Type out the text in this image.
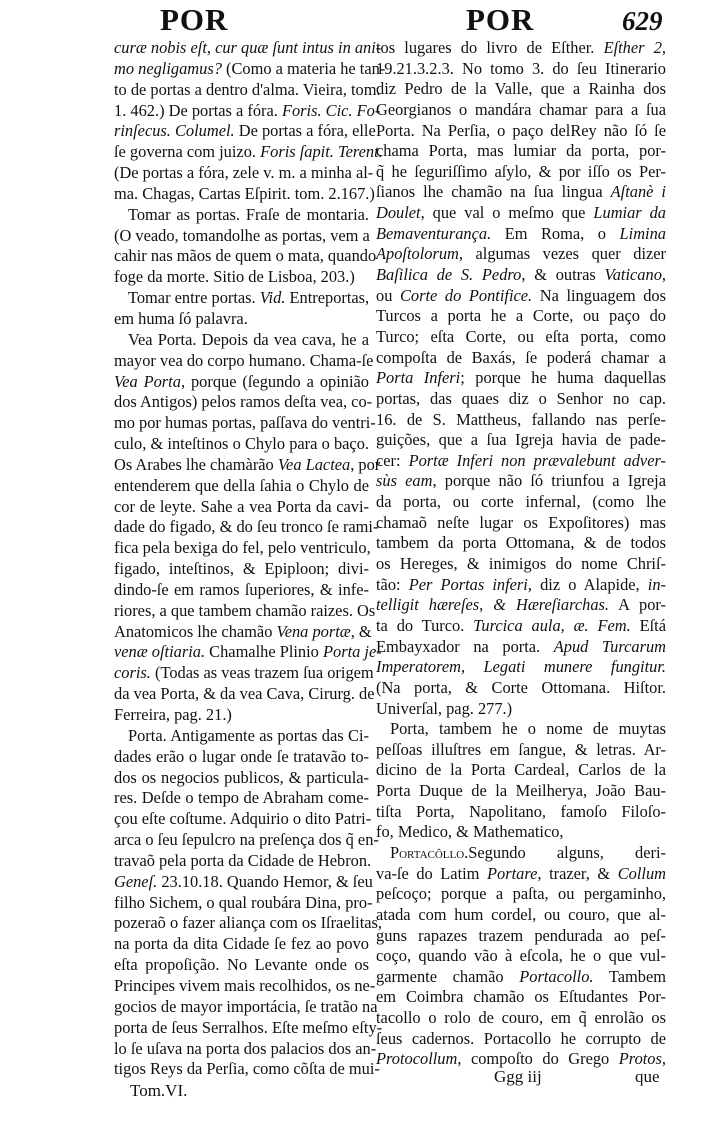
POR	POR	629
curæ nobis eſt, cur quæ ſunt intus in ani-
mo negligamus? (Como a materia he tan-
to de portas a dentro d'alma. Vieira, tom.
1. 462.) De portas a fóra. Foris. Cic. Fo-
rinſecus. Columel. De portas a fóra, elle
ſe governa com juizo. Foris ſapit. Terent.
(De portas a fóra, zele v. m. a minha al-
ma. Chagas, Cartas Eſpirit. tom. 2.167.)
Tomar as portas. Fraſe de montaria.
(O veado, tomandolhe as portas, vem a
cahir nas mãos de quem o mata, quando
foge da morte. Sitio de Lisboa, 203.)
Tomar entre portas. Vid. Entreportas,
em huma ſó palavra.
Vea Porta. Depois da vea cava, he a
mayor vea do corpo humano. Chama-ſe
Vea Porta, porque (ſegundo a opinião
dos Antigos) pelos ramos deſta vea, co-
mo por humas portas, paſſava do ventri-
culo, & inteſtinos o Chylo para o baço.
Os Arabes lhe chamàrão Vea Lactea, por
entenderem que della ſahia o Chylo de
cor de leyte. Sahe a vea Porta da cavi-
dade do figado, & do ſeu tronco ſe rami-
fica pela bexiga do fel, pelo ventriculo,
figado, inteſtinos, & Epiploon; divi-
dindo-ſe em ramos ſuperiores, & infe-
riores, a que tambem chamão raizes. Os
Anatomicos lhe chamão Vena portæ, &
venæ oſtiaria. Chamalhe Plinio Porta je-
coris. (Todas as veas trazem ſua origem
da vea Porta, & da vea Cava, Cirurg. de
Ferreira, pag. 21.)
Porta. Antigamente as portas das Ci-
dades erão o lugar onde ſe tratavão to-
dos os negocios publicos, & particula-
res. Deſde o tempo de Abraham come-
çou eſte coſtume. Adquirio o dito Patri-
arca o ſeu ſepulcro na preſença dos q̃ en-
travaõ pela porta da Cidade de Hebron.
Geneſ. 23.10.18. Quando Hemor, & ſeu
filho Sichem, o qual roubára Dina, pro-
pozeraõ o fazer aliança com os Iſraelitas,
na porta da dita Cidade ſe fez ao povo
eſta propoſição. No Levante onde os
Principes vivem mais recolhidos, os ne-
gocios de mayor importácia, ſe tratão na
porta de ſeus Serralhos. Eſte meſmo eſty-
lo ſe uſava na porta dos palacios dos an-
tigos Reys da Perſia, como cõſta de mui-
tos lugares do livro de Eſther. Eſther 2,
19.21.3.2.3. No tomo 3. do ſeu Itinerario
diz Pedro de la Valle, que a Rainha dos
Georgianos o mandára chamar para a ſua
Porta. Na Perſia, o paço delRey não ſó ſe
chama Porta, mas lumiar da porta, por-
q̃ he ſeguriſſimo aſylo, & por iſſo os Per-
ſianos lhe chamão na ſua lingua Aſtanè i
Doulet, que val o meſmo que Lumiar da
Bemaventurança. Em Roma, o Limina
Apoſtolorum, algumas vezes quer dizer
Baſilica de S. Pedro, & outras Vaticano,
ou Corte do Pontifice. Na linguagem dos
Turcos a porta he a Corte, ou paço do
Turco; eſta Corte, ou eſta porta, como
compoſta de Baxás, ſe poderá chamar a
Porta Inferi; porque he huma daquellas
portas, das quaes diz o Senhor no cap.
16. de S. Mattheus, fallando nas perſe-
guições, que a ſua Igreja havia de pade-
cer: Portæ Inferi non prævalebunt adver-
sùs eam, porque não ſó triunfou a Igreja
da porta, ou corte infernal, (como lhe
chamaõ neſte lugar os Expoſitores) mas
tambem da porta Ottomana, & de todos
os Hereges, & inimigos do nome Chriſ-
tão: Per Portas inferi, diz o Alapide, in-
telligit hæreſes, & Hæreſiarchas. A por-
ta do Turco. Turcica aula, æ. Fem. Eſtá
Embayxador na porta. Apud Turcarum
Imperatorem, Legati munere fungitur.
(Na porta, & Corte Ottomana. Hiſtor.
Univerſal, pag. 277.)
Porta, tambem he o nome de muytas
peſſoas illuſtres em ſangue, & letras. Ar-
dicino de la Porta Cardeal, Carlos de la
Porta Duque de la Meilherya, João Bau-
tiſta Porta, Napolitano, famoſo Filoſo-
fo, Medico, & Mathematico,
Portacôllo.Segundo alguns, deri-
va-ſe do Latim Portare, trazer, & Collum
peſcoço; porque a paſta, ou pergaminho,
atada com hum cordel, ou couro, que al-
guns rapazes trazem pendurada ao peſ-
coço, quando vão à eſcola, he o que vul-
garmente chamão Portacollo. Tambem
em Coimbra chamão os Eſtudantes Por-
tacollo o rolo de couro, em q̃ enrolão os
ſeus cadernos. Portacollo he corrupto de
Protocollum, compoſto do Grego Protos,
Tom.VI.
Ggg iij	que
